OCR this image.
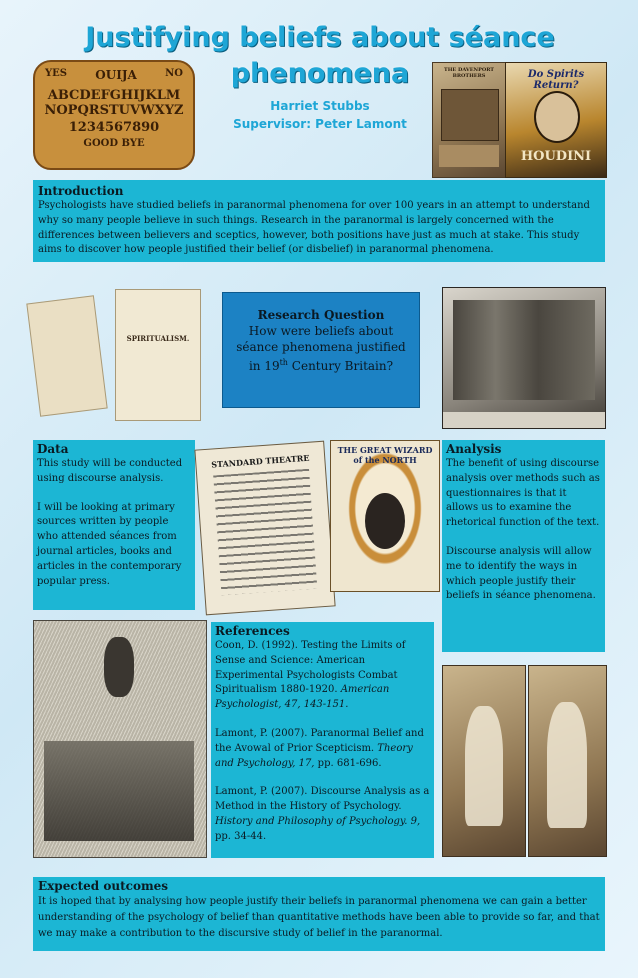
Justifying beliefs about séance
phenomena
Harriet Stubbs
Supervisor: Peter Lamont
YES OUIJA	NO
ABCDEFGHIJKLM
NOPQRSTUVWXYZ
1234567890
GOOD BYE
THE DAVENPORT BROTHERS	Do Spirits Return?
HOUDINI
Introduction

Psychologists have studied beliefs in paranormal phenomena for over 100 years in an attempt to understand why so many people believe in such things. Research in the paranormal is largely concerned with the differences between believers and sceptics, however, both positions have just as much at stake. This study aims to discover how people justified their belief (or disbelief) in paranormal phenomena.

SPIRITUALISM.
Research Question
How were beliefs about
séance phenomena justified
in 19th Century Britain?
Data

This study will be conducted using discourse analysis.

I will be looking at primary sources written by people who attended séances from journal articles, books and articles in the contemporary popular press.

STANDARD THEATRE
THE GREAT WIZARD of the NORTH
Analysis

The benefit of using discourse analysis over methods such as questionnaires is that it allows us to examine the rhetorical function of the text.

Discourse analysis will allow me to identify the ways in which people justify their beliefs in séance phenomena.

References

Coon, D. (1992). Testing the Limits of Sense and Science: American Experimental Psychologists Combat Spiritualism 1880-1920. American Psychologist, 47, 143-151.

Lamont, P. (2007). Paranormal Belief and the Avowal of Prior Scepticism. Theory and Psychology, 17, pp. 681-696.

Lamont, P. (2007). Discourse Analysis as a Method in the History of Psychology. History and Philosophy of Psychology. 9, pp. 34-44.

Expected outcomes

It is hoped that by analysing how people justify their beliefs in paranormal phenomena we can gain a better understanding of the psychology of belief than quantitative methods have been able to provide so far, and that we may make a contribution to the discursive study of belief in the paranormal.
